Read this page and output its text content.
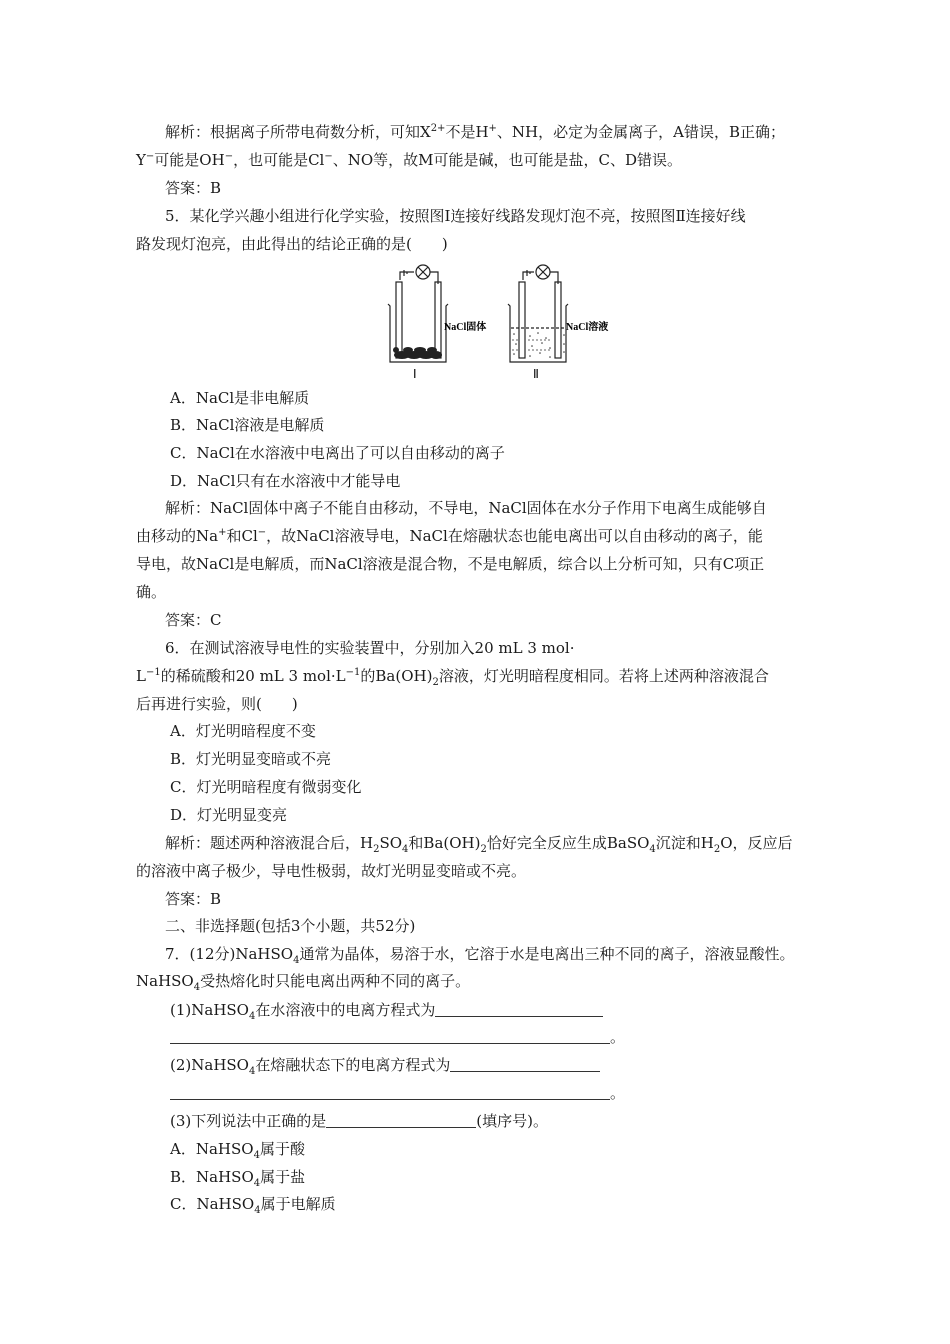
解析：根据离子所带电荷数分析，可知$X^{2+}$不是H+、NH，必定为金属离子，A错误，B正确；
Y−可能是OH−，也可能是Cl−、NO等，故M可能是碱，也可能是盐，C、D错误。
答案：B
5．某化学兴趣小组进行化学实验，按照图Ⅰ连接好线路发现灯泡不亮，按照图Ⅱ连接好线
路发现灯泡亮，由此得出的结论正确的是(　　)
NaCl固体
Ⅰ
NaCl溶液
Ⅱ
A．NaCl是非电解质
B．NaCl溶液是电解质
C．NaCl在水溶液中电离出了可以自由移动的离子
D．NaCl只有在水溶液中才能导电
解析：NaCl固体中离子不能自由移动，不导电，NaCl固体在水分子作用下电离生成能够自
由移动的Na+和Cl−，故NaCl溶液导电，NaCl在熔融状态也能电离出可以自由移动的离子，能
导电，故NaCl是电解质，而NaCl溶液是混合物，不是电解质，综合以上分析可知，只有C项正
确。
答案：C
6．在测试溶液导电性的实验装置中，分别加入20 mL 3 mol·
$L^{-1}$的稀硫酸和20 mL 3 $mol\cdot L^{-1}$的$Ba(OH)_2$溶液，灯光明暗程度相同。若将上述两种溶液混合
后再进行实验，则(　　)
A．灯光明暗程度不变
B．灯光明显变暗或不亮
C．灯光明暗程度有微弱变化
D．灯光明显变亮
解析：题述两种溶液混合后，$H_2SO_4$和$Ba(OH)_2$恰好完全反应生成BaSO$_4$沉淀和$H_2O$，反应后
的溶液中离子极少，导电性极弱，故灯光明显变暗或不亮。
答案：B
二、非选择题(包括3个小题，共52分)
7．(12分)NaHSO$_4$通常为晶体，易溶于水，它溶于水是电离出三种不同的离子，溶液显酸性。
NaHSO$_4$受热熔化时只能电离出两种不同的离子。
(1)NaHSO$_4$在水溶液中的电离方程式为
。
(2)NaHSO$_4$在熔融状态下的电离方程式为
。
(3)下列说法中正确的是	(填序号)。
A．NaHSO$_4$属于酸
B．NaHSO$_4$属于盐
C．NaHSO$_4$属于电解质
